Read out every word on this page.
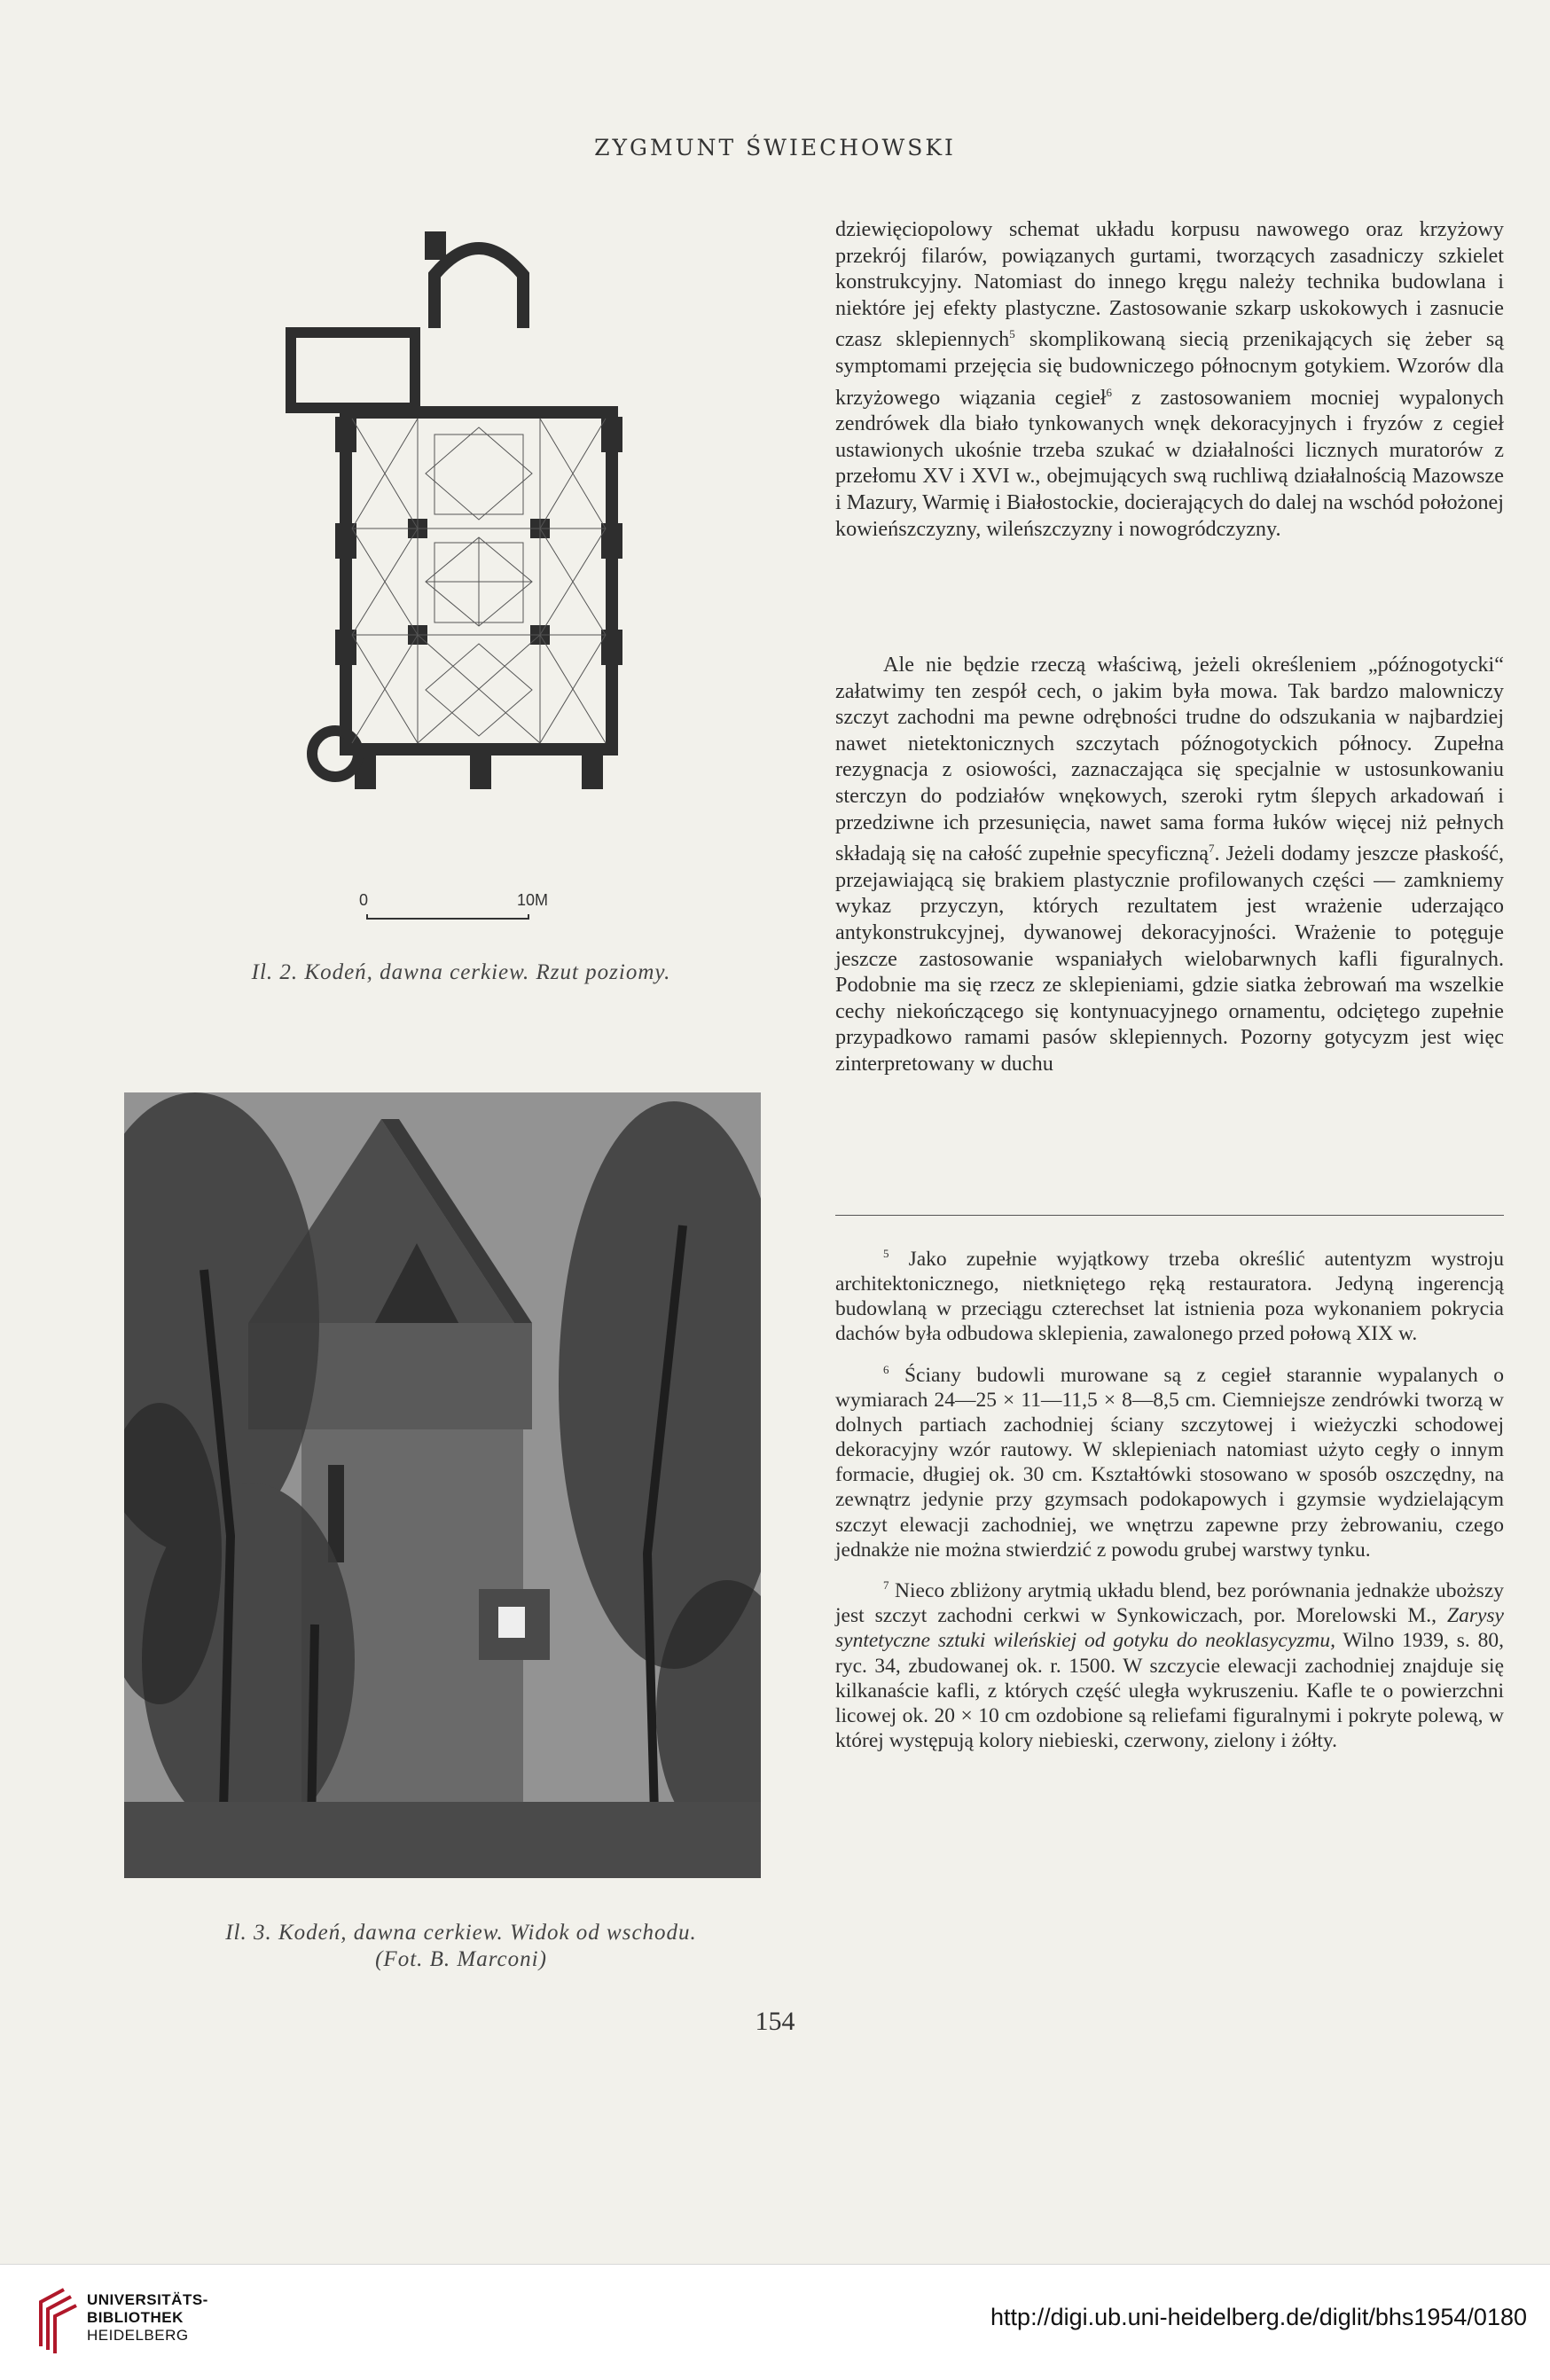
ZYGMUNT ŚWIECHOWSKI
0	10M
Il. 2. Kodeń, dawna cerkiew. Rzut poziomy.
Il. 3. Kodeń, dawna cerkiew. Widok od wschodu.
(Fot. B. Marconi)

dziewięciopolowy schemat układu korpusu nawowego oraz krzyżowy przekrój filarów, powiązanych gurtami, tworzących zasadniczy szkielet konstrukcyjny. Natomiast do innego kręgu należy technika budowlana i niektóre jej efekty plastyczne. Zastosowanie szkarp uskokowych i zasnucie czasz sklepiennych$^5$ skomplikowaną siecią przenikających się żeber są symptomami przejęcia się budowniczego północnym gotykiem. Wzorów dla krzyżowego wiązania cegieł$^6$ z zastosowaniem mocniej wypalonych zendrówek dla biało tynkowanych wnęk dekoracyjnych i fryzów z cegieł ustawionych ukośnie trzeba szukać w działalności licznych muratorów z przełomu XV i XVI w., obejmujących swą ruchliwą działalnością Mazowsze i Mazury, Warmię i Białostockie, docierających do dalej na wschód położonej kowieńszczyzny, wileńszczyzny i nowogródczyzny.

Ale nie będzie rzeczą właściwą, jeżeli określeniem „późnogotycki“ załatwimy ten zespół cech, o jakim była mowa. Tak bardzo malowniczy szczyt zachodni ma pewne odrębności trudne do odszukania w najbardziej nawet nietektonicznych szczytach późnogotyckich północy. Zupełna rezygnacja z osiowości, zaznaczająca się specjalnie w ustosunkowaniu sterczyn do podziałów wnękowych, szeroki rytm ślepych arkadowań i przedziwne ich przesunięcia, nawet sama forma łuków więcej niż pełnych składają się na całość zupełnie specyficzną$^7$. Jeżeli dodamy jeszcze płaskość, przejawiającą się brakiem plastycznie profilowanych części — zamkniemy wykaz przyczyn, których rezultatem jest wrażenie uderzająco antykonstrukcyjnej, dywanowej dekoracyjności. Wrażenie to potęguje jeszcze zastosowanie wspaniałych wielobarwnych kafli figuralnych. Podobnie ma się rzecz ze sklepieniami, gdzie siatka żebrowań ma wszelkie cechy niekończącego się kontynuacyjnego ornamentu, odciętego zupełnie przypadkowo ramami pasów sklepiennych. Pozorny gotycyzm jest więc zinterpretowany w duchu

$^5$ Jako zupełnie wyjątkowy trzeba określić autentyzm wystroju architektonicznego, nietkniętego ręką restauratora. Jedyną ingerencją budowlaną w przeciągu czterechset lat istnienia poza wykonaniem pokrycia dachów była odbudowa sklepienia, zawalonego przed połową XIX w.

$^6$ Ściany budowli murowane są z cegieł starannie wypalanych o wymiarach 24—25 × 11—11,5 × 8—8,5 cm. Ciemniejsze zendrówki tworzą w dolnych partiach zachodniej ściany szczytowej i wieżyczki schodowej dekoracyjny wzór rautowy. W sklepieniach natomiast użyto cegły o innym formacie, długiej ok. 30 cm. Kształtówki stosowano w sposób oszczędny, na zewnątrz jedynie przy gzymsach podokapowych i gzymsie wydzielającym szczyt elewacji zachodniej, we wnętrzu zapewne przy żebrowaniu, czego jednakże nie można stwierdzić z powodu grubej warstwy tynku.

$^7$ Nieco zbliżony arytmią układu blend, bez porównania jednakże uboższy jest szczyt zachodni cerkwi w Synkowiczach, por. Morelowski M., Zarysy syntetyczne sztuki wileńskiej od gotyku do neoklasycyzmu, Wilno 1939, s. 80, ryc. 34, zbudowanej ok. r. 1500. W szczycie elewacji zachodniej znajduje się kilkanaście kafli, z których część uległa wykruszeniu. Kafle te o powierzchni licowej ok. 20 × 10 cm ozdobione są reliefami figuralnymi i pokryte polewą, w której występują kolory niebieski, czerwony, zielony i żółty.

154
UNIVERSITÄTS-
BIBLIOTHEK
HEIDELBERG
http://digi.ub.uni-heidelberg.de/diglit/bhs1954/0180
